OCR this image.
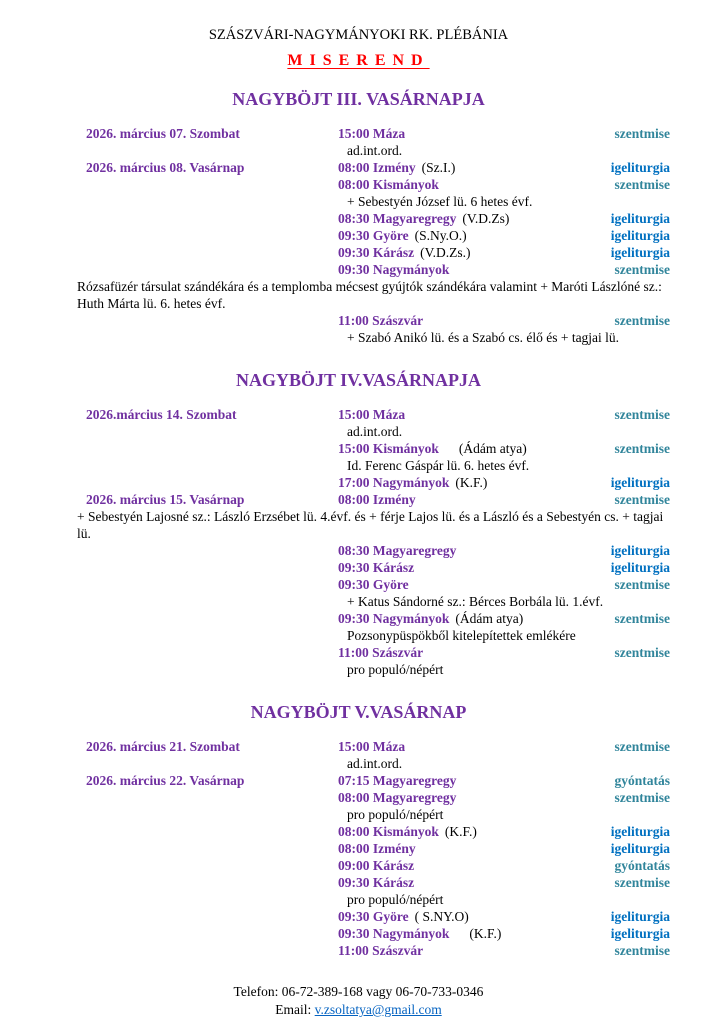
SZÁSZVÁRI-NAGYMÁNYOKI RK. PLÉBÁNIA
MISEREND
NAGYBÖJT III. VASÁRNAPJA
2026. március 07. Szombat	15:00 Máza	szentmise
ad.int.ord.
2026. március 08. Vasárnap	08:00 Izmény (Sz.I.)	igeliturgia
08:00 Kismányok	szentmise
+ Sebestyén József lü. 6 hetes évf.
08:30 Magyaregregy (V.D.Zs)	igeliturgia
09:30 Györe (S.Ny.O.)	igeliturgia
09:30 Kárász (V.D.Zs.)	igeliturgia
09:30 Nagymányok	szentmise
Rózsafüzér társulat szándékára és a templomba mécsest gyújtók szándékára valamint + Maróti Lászlóné sz.: Huth Márta lü. 6. hetes évf.
11:00 Szászvár	szentmise
+ Szabó Anikó lü. és a Szabó cs. élő és + tagjai lü.
NAGYBÖJT IV.VASÁRNAPJA
2026.március 14. Szombat	15:00 Máza	szentmise
ad.int.ord.
15:00 Kismányok (Ádám atya)	szentmise
Id. Ferenc Gáspár lü. 6. hetes évf.
17:00 Nagymányok (K.F.)	igeliturgia
2026. március 15. Vasárnap	08:00 Izmény	szentmise
+ Sebestyén Lajosné sz.: László Erzsébet lü. 4.évf. és + férje Lajos lü. és a László és a Sebestyén cs. + tagjai lü.
08:30 Magyaregregy	igeliturgia
09:30 Kárász	igeliturgia
09:30 Györe	szentmise
+ Katus Sándorné sz.: Bérces Borbála lü. 1.évf.
09:30 Nagymányok (Ádám atya)	szentmise
Pozsonypüspökből kitelepítettek emlékére
11:00 Szászvár	szentmise
pro populó/népért
NAGYBÖJT V.VASÁRNAP
2026. március 21. Szombat	15:00 Máza	szentmise
ad.int.ord.
2026. március 22. Vasárnap	07:15 Magyaregregy	gyóntatás
08:00 Magyaregregy	szentmise
pro populó/népért
08:00 Kismányok (K.F.)	igeliturgia
08:00 Izmény	igeliturgia
09:00 Kárász	gyóntatás
09:30 Kárász	szentmise
pro populó/népért
09:30 Györe ( S.NY.O)	igeliturgia
09:30 Nagymányok (K.F.)	igeliturgia
11:00 Szászvár	szentmise
Telefon: 06-72-389-168 vagy 06-70-733-0346
Email: v.zsoltatya@gmail.com
